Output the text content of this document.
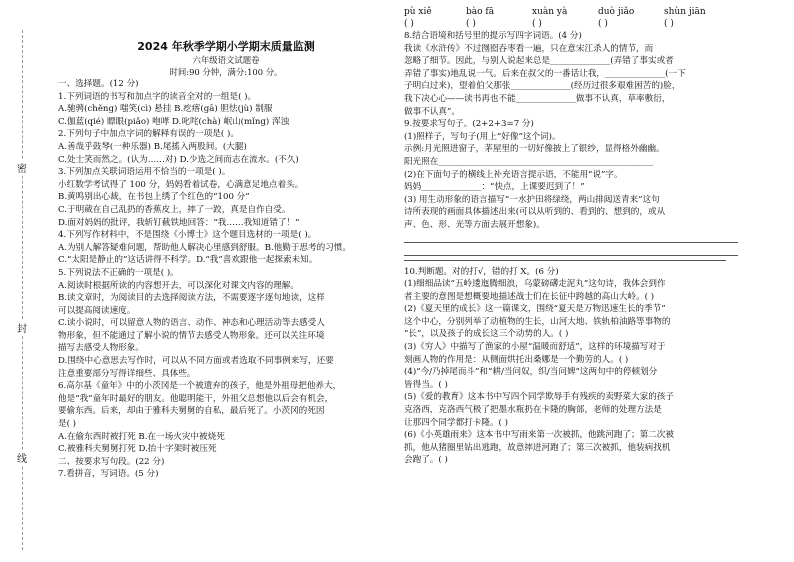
密
封
线
2024 年秋季学期小学期末质量监测
六年级语文试题卷
时间:90 分钟，满分:100 分。
一、选择题。(12 分)
1.下列词语的书写和加点字的读音全对的一组是( )。
A.驰骋(chěng) 嗤笑(cì) 悬挂 B.疙瘩(gā) 胆怯(jù) 制服
C.伽蓝(qié) 瞟眼(piǎo) 咆哮 D.叱咤(chà) 岷山(mǐng) 浑浊
2.下列句子中加点字词的解释有误的一项是( )。
A.善哉乎鼓琴(一种乐器) B.尾搖入两股间。(大腿)
C.处士笑而然之。(认为……对) D.少选之间而志在流水。(不久)
3.下列加点关联词语运用不恰当的一项是( )。
小红数学考试得了 100 分，妈妈看着试卷，心满意足地点着头。
B.黄鸣别出心裁，在书包上绣了个红色的“100 分”
C.于明葳在自己乱扔的香蕉皮上，摔了一跤，真是自作自受。
D.面对妈妈的批评，我斩钉截铁地回答：“我……我知道错了！”
4.下列写作材料中，不是围绕《小博士》这个题目选材的一项是( )。
A.为别人解答疑难问题，帮助他人解决心里感到舒服。B.他勤于思考的习惯。
C.“太阳是静止的”这话讲得不科学。D.“我”喜欢跟他一起探索未知。
5.下列说法不正确的一项是( )。
A.阅读时根据所读的内容想开去，可以深化对课文内容的理解。
B.读文章时，为阅读目的去选择阅读方法，不需要逐字逐句地读，这样
可以提高阅读速度。
C.读小说时，可以留意人物的语言、动作、神态和心理活动等去感受人
物形象，但不能通过了解小说的情节去感受人物形象。还可以关注环境
描写去感受人物形象。
D.围绕中心意思去写作时，可以从不同方面或者选取不同事例来写，还要
注意重要部分写得详细些、具体些。
6.高尔基《童年》中的小茨冈是一个被遗弃的孩子，他是外祖母把他养大，
他是“我”童年时最好的朋友。他聪明能干，外祖父总想他以后会有机会，
要偷东西。后来，却由于雅科夫舅舅的自私，最后死了。小茨冈的死因
是( )
A.在偷东西时被打死 B.在一场火灾中被烧死
C.被雅科夫舅舅打死 D.抬十字架时被压死
二、按要求写句段。(22 分)
7.看拼音，写词语。(5 分)
pù xiě	bào fā	xuàn yà	duò jiǎo	shùn jiān
( )	( )	( )	( )	( )
8.结合语境和括号里的提示写四字词语。(4 分)
我读《水浒传》不过囫囵吞枣看一遍，只在意宋江杀人的情节，而
忽略了细节。因此，与别人说起来总是______________(弄错了事实或者
弄错了事实)地乱说一气。后来在叔父的一番话让我，______________(一下
子明白过来)，望着伯父那张______________(经历过很多艰难困苦的)脸，
我下决心心——读书再也不能______________做事不认真，草率敷衍，
做事不认真”。
9.按要求写句子。(2+2+3=7 分)
(1)照样子，写句子(用上“好像”这个词)。
示例:月光照进窗子，茅屋里的一切好像披上了银纱，显得格外幽幽。
阳光照在__________________________________________________
(2)在下面句子的横线上补充语言提示语，不能用“说”字。
妈妈______________：“快点，上课要迟到了！”
(3) 用生动形象的语言描写“一水护田将绿绕，两山排闼送青来”这句
诗所表现的画面具体描述出来(可以从听到的、看到的、想到的，或从
声、色、形、光等方面去展开想象)。
10.判断题。对的打√，错的打 X。(6 分)
(1)细细品读“五岭逶迤腾细浪，乌蒙磅礴走泥丸”这句诗，我体会到作
者主要的意图是想概要地描述战士们在长征中跨越的高山大岭。( )
(2)《夏天里的成长》这一篇课文，围绕“夏天是万物迅速生长的季节”
这个中心，分别列举了动植物的生长，山河大地、铁轨柏油路等事物的
“长”，以及孩子的成长这三个动势的人。( )
(3)《穷人》中描写了渔家的小屋“温暖而舒适”，这样的环境描写对于
刻画人物的作用是：从侧面烘托出桑娜是一个勤劳的人。( )
(4)“今/乃掉尾而斗”和“耕/当问奴，织/当问婢”这两句中的停顿划分
皆得当。( )
(5)《爱的教育》这本书中写四个同学欺辱手有残疾的卖野菜大家的孩子
克洛西，克洛西气极了把墨水瓶扔在卡隆的胸部，老师的处理方法是
让那四个同学都打卡隆。( )
(6)《小英雄雨来》这本书中写雨来第一次被抓，他跳河跑了；第二次被
抓，他从猪圈里钻出逃跑，故意摔进河跑了；第三次被抓，他装病找机
会跑了。( )
